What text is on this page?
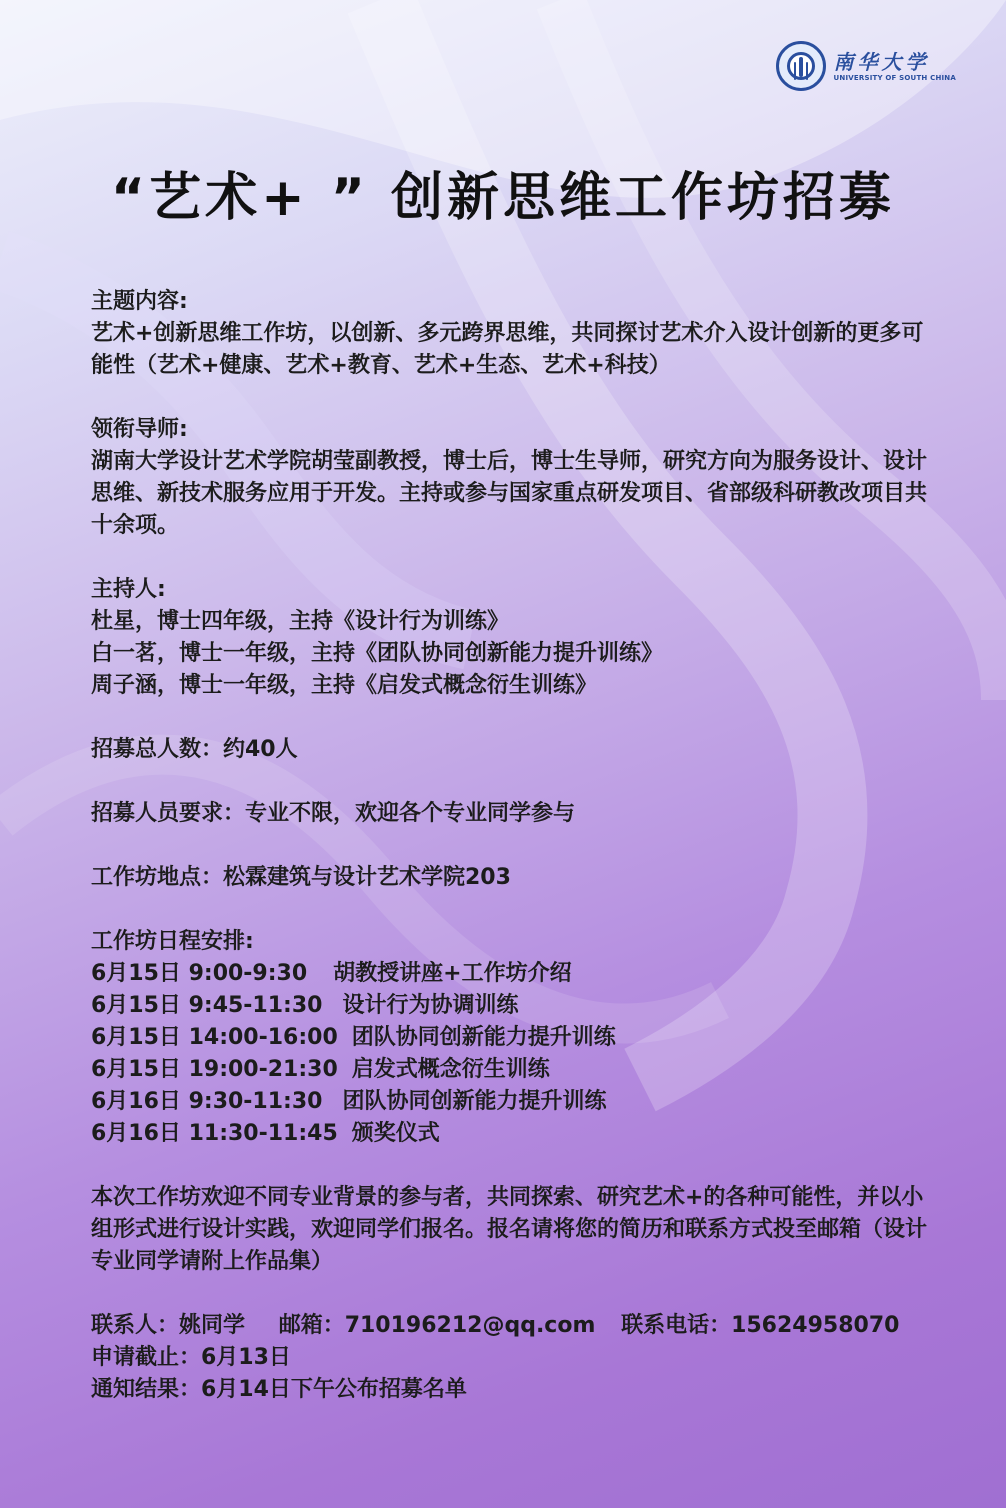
南华大学
UNIVERSITY OF SOUTH CHINA
“艺术+ ” 创新思维工作坊招募

主题内容:

艺术+创新思维工作坊，以创新、多元跨界思维，共同探讨艺术介入设计创新的更多可能性（艺术+健康、艺术+教育、艺术+生态、艺术+科技）

领衔导师:

湖南大学设计艺术学院胡莹副教授，博士后，博士生导师，研究方向为服务设计、设计思维、新技术服务应用于开发。主持或参与国家重点研发项目、省部级科研教改项目共十余项。

主持人:

杜星，博士四年级，主持《设计行为训练》

白一茗，博士一年级，主持《团队协同创新能力提升训练》

周子涵，博士一年级，主持《启发式概念衍生训练》

招募总人数：约40人

招募人员要求：专业不限，欢迎各个专业同学参与

工作坊地点：松霖建筑与设计艺术学院203

工作坊日程安排:

6月15日 9:00-9:30 胡教授讲座+工作坊介绍
6月15日 9:45-11:30 设计行为协调训练
6月15日 14:00-16:00 团队协同创新能力提升训练
6月15日 19:00-21:30 启发式概念衍生训练
6月16日 9:30-11:30 团队协同创新能力提升训练
6月16日 11:30-11:45 颁奖仪式

本次工作坊欢迎不同专业背景的参与者，共同探索、研究艺术+的各种可能性，并以小组形式进行设计实践，欢迎同学们报名。报名请将您的简历和联系方式投至邮箱（设计专业同学请附上作品集）

联系人：姚同学 邮箱：710196212@qq.com 联系电话：15624958070

申请截止：6月13日

通知结果：6月14日下午公布招募名单
